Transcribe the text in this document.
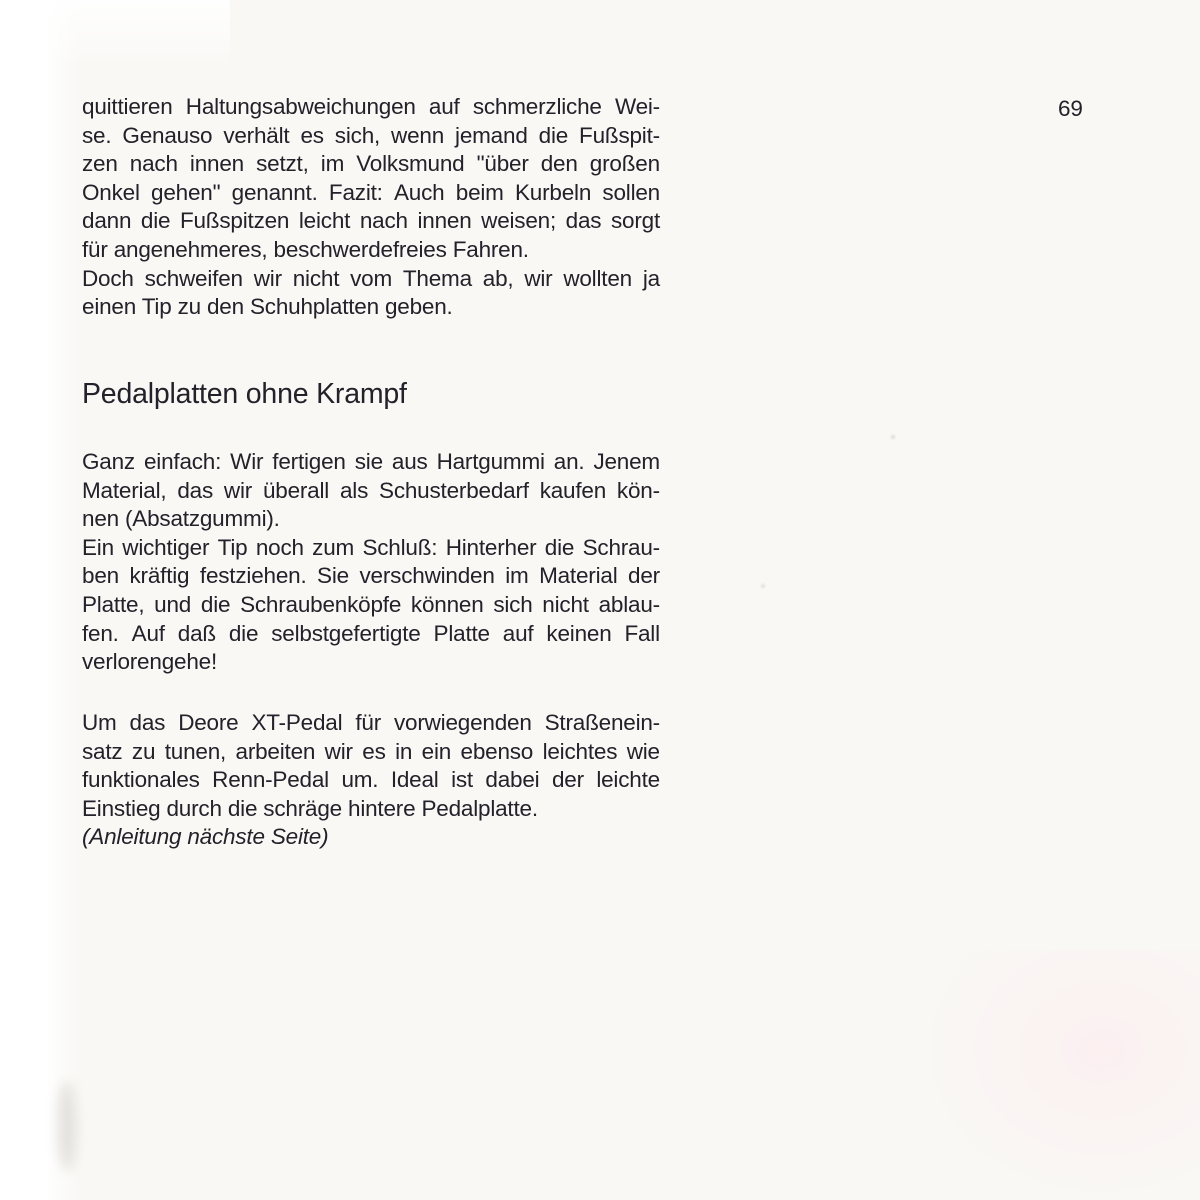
69
quittieren Haltungsabweichungen auf schmerzliche Wei-
se. Genauso verhält es sich, wenn jemand die Fußspit-
zen nach innen setzt, im Volksmund "über den großen
Onkel gehen" genannt. Fazit: Auch beim Kurbeln sollen
dann die Fußspitzen leicht nach innen weisen; das sorgt
für angenehmeres, beschwerdefreies Fahren.
Doch schweifen wir nicht vom Thema ab, wir wollten ja
einen Tip zu den Schuhplatten geben.
Pedalplatten ohne Krampf
Ganz einfach: Wir fertigen sie aus Hartgummi an. Jenem
Material, das wir überall als Schusterbedarf kaufen kön-
nen (Absatzgummi).
Ein wichtiger Tip noch zum Schluß: Hinterher die Schrau-
ben kräftig festziehen. Sie verschwinden im Material der
Platte, und die Schraubenköpfe können sich nicht ablau-
fen. Auf daß die selbstgefertigte Platte auf keinen Fall
verlorengehe!
Um das Deore XT-Pedal für vorwiegenden Straßenein-
satz zu tunen, arbeiten wir es in ein ebenso leichtes wie
funktionales Renn-Pedal um. Ideal ist dabei der leichte
Einstieg durch die schräge hintere Pedalplatte.
(Anleitung nächste Seite)
